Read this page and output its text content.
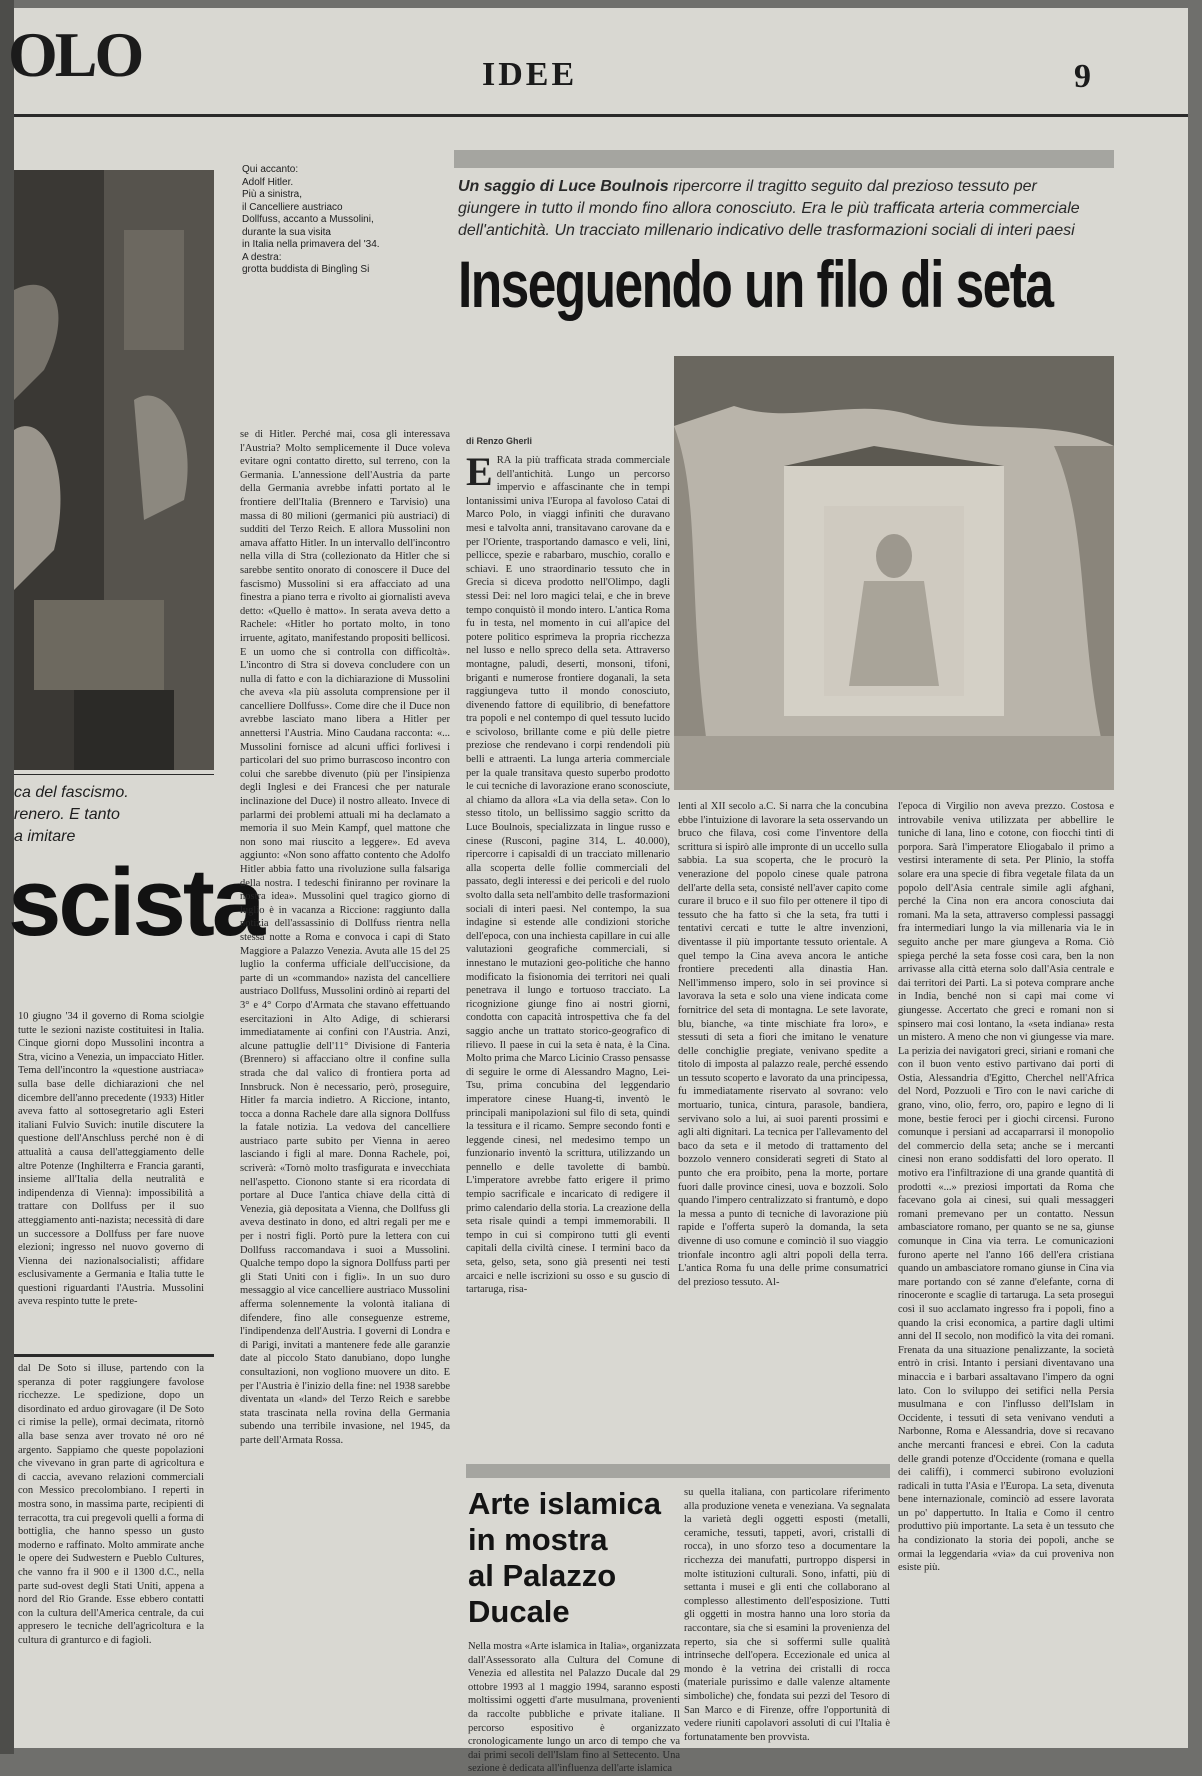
OLO	IDEE	9
ca del fascismo.
renero. E tanto
a imitare
scista
10 giugno '34 il governo di Roma sciolgie tutte le sezioni naziste costituitesi in Italia. Cinque giorni dopo Mussolini incontra a Stra, vicino a Venezia, un impacciato Hitler. Tema dell'incontro la «questione austriaca» sulla base delle dichiarazioni che nel dicembre dell'anno precedente (1933) Hitler aveva fatto al sottosegretario agli Esteri italiani Fulvio Suvich: inutile discutere la questione dell'Anschluss perché non è di attualità a causa dell'atteggiamento delle altre Potenze (Inghilterra e Francia garanti, insieme all'Italia della neutralità e indipendenza di Vienna): impossibilità a trattare con Dollfuss per il suo atteggiamento anti-nazista; necessità di dare un successore a Dollfuss per fare nuove elezioni; ingresso nel nuovo governo di Vienna dei nazionalsocialisti; affidare esclusivamente a Germania e Italia tutte le questioni riguardanti l'Austria. Mussolini aveva respinto tutte le prete-
dal De Soto si illuse, partendo con la speranza di poter raggiungere favolose ricchezze. Le spedizione, dopo un disordinato ed arduo girovagare (il De Soto ci rimise la pelle), ormai decimata, ritornò alla base senza aver trovato né oro né argento. Sappiamo che queste popolazioni che vivevano in gran parte di agricoltura e di caccia, avevano relazioni commerciali con Messico precolombiano. I reperti in mostra sono, in massima parte, recipienti di terracotta, tra cui pregevoli quelli a forma di bottiglia, che hanno spesso un gusto moderno e raffinato. Molto ammirate anche le opere dei Sudwestern e Pueblo Cultures, che vanno fra il 900 e il 1300 d.C., nella parte sud-ovest degli Stati Uniti, appena a nord del Rio Grande. Esse ebbero contatti con la cultura dell'America centrale, da cui appresero le tecniche dell'agricoltura e la cultura di granturco e di fagioli.
Qui accanto:
Adolf Hitler.
Più a sinistra,
il Cancelliere austriaco
Dollfuss, accanto a Mussolini,
durante la sua visita
in Italia nella primavera del '34.
A destra:
grotta buddista di Binglìng Si
se di Hitler. Perché mai, cosa gli interessava l'Austria? Molto semplicemente il Duce voleva evitare ogni contatto diretto, sul terreno, con la Germania. L'annessione dell'Austria da parte della Germania avrebbe infatti portato al le frontiere dell'Italia (Brennero e Tarvisio) una massa di 80 milioni (germanici più austriaci) di sudditi del Terzo Reich. E allora Mussolini non amava affatto Hitler. In un intervallo dell'incontro nella villa di Stra (collezionato da Hitler che si sarebbe sentito onorato di conoscere il Duce del fascismo) Mussolini si era affacciato ad una finestra a piano terra e rivolto ai giornalisti aveva detto: «Quello è matto». In serata aveva detto a Rachele: «Hitler ho portato molto, in tono irruente, agitato, manifestando propositi bellicosi. E un uomo che si controlla con difficoltà». L'incontro di Stra si doveva concludere con un nulla di fatto e con la dichiarazione di Mussolini che aveva «la più assoluta comprensione per il cancelliere Dollfuss». Come dire che il Duce non avrebbe lasciato mano libera a Hitler per annettersi l'Austria. Mino Caudana racconta: «... Mussolini fornisce ad alcuni uffici forlivesi i particolari del suo primo burrascoso incontro con colui che sarebbe divenuto (più per l'insipienza degli Inglesi e dei Francesi che per naturale inclinazione del Duce) il nostro alleato. Invece di parlarmi dei problemi attuali mi ha declamato a memoria il suo Mein Kampf, quel mattone che non sono mai riuscito a leggere». Ed aveva aggiunto: «Non sono affatto contento che Adolfo Hitler abbia fatto una rivoluzione sulla falsariga della nostra. I tedeschi finiranno per rovinare la nostra idea». Mussolini quel tragico giorno di luglio è in vacanza a Riccione: raggiunto dalla notizia dell'assassinio di Dollfuss rientra nella stessa notte a Roma e convoca i capi di Stato Maggiore a Palazzo Venezia. Avuta alle 15 del 25 luglio la conferma ufficiale dell'uccisione, da parte di un «commando» nazista del cancelliere austriaco Dollfuss, Mussolini ordinò ai reparti del 3° e 4° Corpo d'Armata che stavano effettuando esercitazioni in Alto Adige, di schierarsi immediatamente ai confini con l'Austria. Anzi, alcune pattuglie dell'11° Divisione di Fanteria (Brennero) si affacciano oltre il confine sulla strada che dal valico di frontiera porta ad Innsbruck. Non è necessario, però, proseguire, Hitler fa marcia indietro. A Riccione, intanto, tocca a donna Rachele dare alla signora Dollfuss la fatale notizia. La vedova del cancelliere austriaco parte subito per Vienna in aereo lasciando i figli al mare. Donna Rachele, poi, scriverà: «Tornò molto trasfigurata e invecchiata nell'aspetto. Cionono stante si era ricordata di portare al Duce l'antica chiave della città di Venezia, già depositata a Vienna, che Dollfuss gli aveva destinato in dono, ed altri regali per me e per i nostri figli. Portò pure la lettera con cui Dollfuss raccomandava i suoi a Mussolini. Qualche tempo dopo la signora Dollfuss partì per gli Stati Uniti con i figli». In un suo duro messaggio al vice cancelliere austriaco Mussolini afferma solennemente la volontà italiana di difendere, fino alle conseguenze estreme, l'indipendenza dell'Austria. I governi di Londra e di Parigi, invitati a mantenere fede alle garanzie date al piccolo Stato danubiano, dopo lunghe consultazioni, non vogliono muovere un dito. E per l'Austria è l'inizio della fine: nel 1938 sarebbe diventata un «land» del Terzo Reich e sarebbe stata trascinata nella rovina della Germania subendo una terribile invasione, nel 1945, da parte dell'Armata Rossa.
Un saggio di Luce Boulnois ripercorre il tragitto seguito dal prezioso tessuto per giungere in tutto il mondo fino allora conosciuto. Era le più trafficata arteria commerciale dell'antichità. Un tracciato millenario indicativo delle trasformazioni sociali di interi paesi
Inseguendo un filo di seta
di Renzo Gherli
ERA la più trafficata strada commerciale dell'antichità. Lungo un percorso impervio e affascinante che in tempi lontanissimi univa l'Europa al favoloso Catai di Marco Polo, in viaggi infiniti che duravano mesi e talvolta anni, transitavano carovane da e per l'Oriente, trasportando damasco e veli, lini, pellicce, spezie e rabarbaro, muschio, corallo e schiavi. E uno straordinario tessuto che in Grecia si diceva prodotto nell'Olimpo, dagli stessi Dei: nel loro magici telai, e che in breve tempo conquistò il mondo intero. L'antica Roma fu in testa, nel momento in cui all'apice del potere politico esprimeva la propria ricchezza nel lusso e nello spreco della seta. Attraverso montagne, paludi, deserti, monsoni, tifoni, briganti e numerose frontiere doganali, la seta raggiungeva tutto il mondo conosciuto, divenendo fattore di equilibrio, di benefattore tra popoli e nel contempo di quel tessuto lucido e scivoloso, brillante come e più delle pietre preziose che rendevano i corpi rendendoli più belli e attraenti. La lunga arteria commerciale per la quale transitava questo superbo prodotto le cui tecniche di lavorazione erano sconosciute, al chiamo da allora «La via della seta». Con lo stesso titolo, un bellissimo saggio scritto da Luce Boulnois, specializzata in lingue russo e cinese (Rusconi, pagine 314, L. 40.000), ripercorre i capisaldi di un tracciato millenario alla scoperta delle follie commerciali del passato, degli interessi e dei pericoli e del ruolo svolto dalla seta nell'ambito delle trasformazioni sociali di interi paesi. Nel contempo, la sua indagine si estende alle condizioni storiche dell'epoca, con una inchiesta capillare in cui alle valutazioni geografiche commerciali, si innestano le mutazioni geo-politiche che hanno modificato la fisionomia dei territori nei quali penetrava il lungo e tortuoso tracciato. La ricognizione giunge fino ai nostri giorni, condotta con capacità introspettiva che fa del saggio anche un trattato storico-geografico di rilievo. Il paese in cui la seta è nata, è la Cina. Molto prima che Marco Licinio Crasso pensasse di seguire le orme di Alessandro Magno, Lei-Tsu, prima concubina del leggendario imperatore cinese Huang-ti, inventò le principali manipolazioni sul filo di seta, quindi la tessitura e il ricamo. Sempre secondo fonti e leggende cinesi, nel medesimo tempo un funzionario inventò la scrittura, utilizzando un pennello e delle tavolette di bambù. L'imperatore avrebbe fatto erigere il primo tempio sacrificale e incaricato di redigere il primo calendario della storia. La creazione della seta risale quindi a tempi immemorabili. Il tempo in cui si compirono tutti gli eventi capitali della civiltà cinese. I termini baco da seta, gelso, seta, sono già presenti nei testi arcaici e nelle iscrizioni su osso e su guscio di tartaruga, risa-
lenti al XII secolo a.C. Si narra che la concubina ebbe l'intuizione di lavorare la seta osservando un bruco che filava, così come l'inventore della scrittura si ispirò alle impronte di un uccello sulla sabbia. La sua scoperta, che le procurò la venerazione del popolo cinese quale patrona dell'arte della seta, consisté nell'aver capito come curare il bruco e il suo filo per ottenere il tipo di tessuto che ha fatto sì che la seta, fra tutti i tentativi cercati e tutte le altre invenzioni, diventasse il più importante tessuto orientale. A quel tempo la Cina aveva ancora le antiche frontiere precedenti alla dinastia Han. Nell'immenso impero, solo in sei province si lavorava la seta e solo una viene indicata come fornitrice del seta di montagna. Le sete lavorate, blu, bianche, «a tinte mischiate fra loro», e stessuti di seta a fiori che imitano le venature delle conchiglie pregiate, venivano spedite a titolo di imposta al palazzo reale, perché essendo un tessuto scoperto e lavorato da una principessa, fu immediatamente riservato al sovrano: velo mortuario, tunica, cintura, parasole, bandiera, servivano solo a lui, ai suoi parenti prossimi e agli alti dignitari. La tecnica per l'allevamento del baco da seta e il metodo di trattamento del bozzolo vennero considerati segreti di Stato al punto che era proibito, pena la morte, portare fuori dalle province cinesi, uova e bozzoli. Solo quando l'impero centralizzato si frantumò, e dopo la messa a punto di tecniche di lavorazione più rapide e l'offerta superò la domanda, la seta divenne di uso comune e cominciò il suo viaggio trionfale incontro agli altri popoli della terra. L'antica Roma fu una delle prime consumatrici del prezioso tessuto. Al-
l'epoca di Virgilio non aveva prezzo. Costosa e introvabile veniva utilizzata per abbellire le tuniche di lana, lino e cotone, con fiocchi tinti di porpora. Sarà l'imperatore Eliogabalo il primo a vestirsi interamente di seta. Per Plinio, la stoffa solare era una specie di fibra vegetale filata da un popolo dell'Asia centrale simile agli afghani, perché la Cina non era ancora conosciuta dai romani. Ma la seta, attraverso complessi passaggi fra intermediari lungo la via millenaria via le in seguito anche per mare giungeva a Roma. Ciò spiega perché la seta fosse così cara, ben la non arrivasse alla città eterna solo dall'Asia centrale e dai territori dei Parti. La si poteva comprare anche in India, benché non si capì mai come vi giungesse. Accertato che greci e romani non si spinsero mai così lontano, la «seta indiana» resta un mistero. A meno che non vi giungesse via mare. La perizia dei navigatori greci, siriani e romani che con il buon vento estivo partivano dai porti di Ostia, Alessandria d'Egitto, Cherchel nell'Africa del Nord, Pozzuoli e Tiro con le navi cariche di grano, vino, olio, ferro, oro, papiro e legno di li mone, bestie feroci per i giochi circensi. Furono comunque i persiani ad accaparrarsi il monopolio del commercio della seta; anche se i mercanti cinesi non erano soddisfatti del loro operato. Il motivo era l'infiltrazione di una grande quantità di prodotti «...» preziosi importati da Roma che facevano gola ai cinesi, sui quali messaggeri romani premevano per un contatto. Nessun ambasciatore romano, per quanto se ne sa, giunse comunque in Cina via terra. Le comunicazioni furono aperte nel l'anno 166 dell'era cristiana quando un ambasciatore romano giunse in Cina via mare portando con sé zanne d'elefante, corna di rinoceronte e scaglie di tartaruga. La seta proseguì così il suo acclamato ingresso fra i popoli, fino a quando la crisi economica, a partire dagli ultimi anni del II secolo, non modificò la vita dei romani. Frenata da una situazione penalizzante, la società entrò in crisi. Intanto i persiani diventavano una minaccia e i barbari assaltavano l'impero da ogni lato. Con lo sviluppo dei setifici nella Persia musulmana e con l'influsso dell'Islam in Occidente, i tessuti di seta venivano venduti a Narbonne, Roma e Alessandria, dove si recavano anche mercanti francesi e ebrei. Con la caduta delle grandi potenze d'Occidente (romana e quella dei califfi), i commerci subirono evoluzioni radicali in tutta l'Asia e l'Europa. La seta, divenuta bene internazionale, cominciò ad essere lavorata un po' dappertutto. In Italia e Como il centro produttivo più importante. La seta è un tessuto che ha condizionato la storia dei popoli, anche se ormai la leggendaria «via» da cui proveniva non esiste più.
Arte islamica
in mostra
al Palazzo
Ducale
Nella mostra «Arte islamica in Italia», organizzata dall'Assessorato alla Cultura del Comune di Venezia ed allestita nel Palazzo Ducale dal 29 ottobre 1993 al 1 maggio 1994, saranno esposti moltissimi oggetti d'arte musulmana, provenienti da raccolte pubbliche e private italiane. Il percorso espositivo è organizzato cronologicamente lungo un arco di tempo che va dai primi secoli dell'Islam fino al Settecento. Una sezione è dedicata all'influenza dell'arte islamica
su quella italiana, con particolare riferimento alla produzione veneta e veneziana. Va segnalata la varietà degli oggetti esposti (metalli, ceramiche, tessuti, tappeti, avori, cristalli di rocca), in uno sforzo teso a documentare la ricchezza dei manufatti, purtroppo dispersi in molte istituzioni culturali. Sono, infatti, più di settanta i musei e gli enti che collaborano al complesso allestimento dell'esposizione. Tutti gli oggetti in mostra hanno una loro storia da raccontare, sia che si esamini la provenienza del reperto, sia che si soffermi sulle qualità intrinseche dell'opera. Eccezionale ed unica al mondo è la vetrina dei cristalli di rocca (materiale purissimo e dalle valenze altamente simboliche) che, fondata sui pezzi del Tesoro di San Marco e di Firenze, offre l'opportunità di vedere riuniti capolavori assoluti di cui l'Italia è fortunatamente ben provvista.
